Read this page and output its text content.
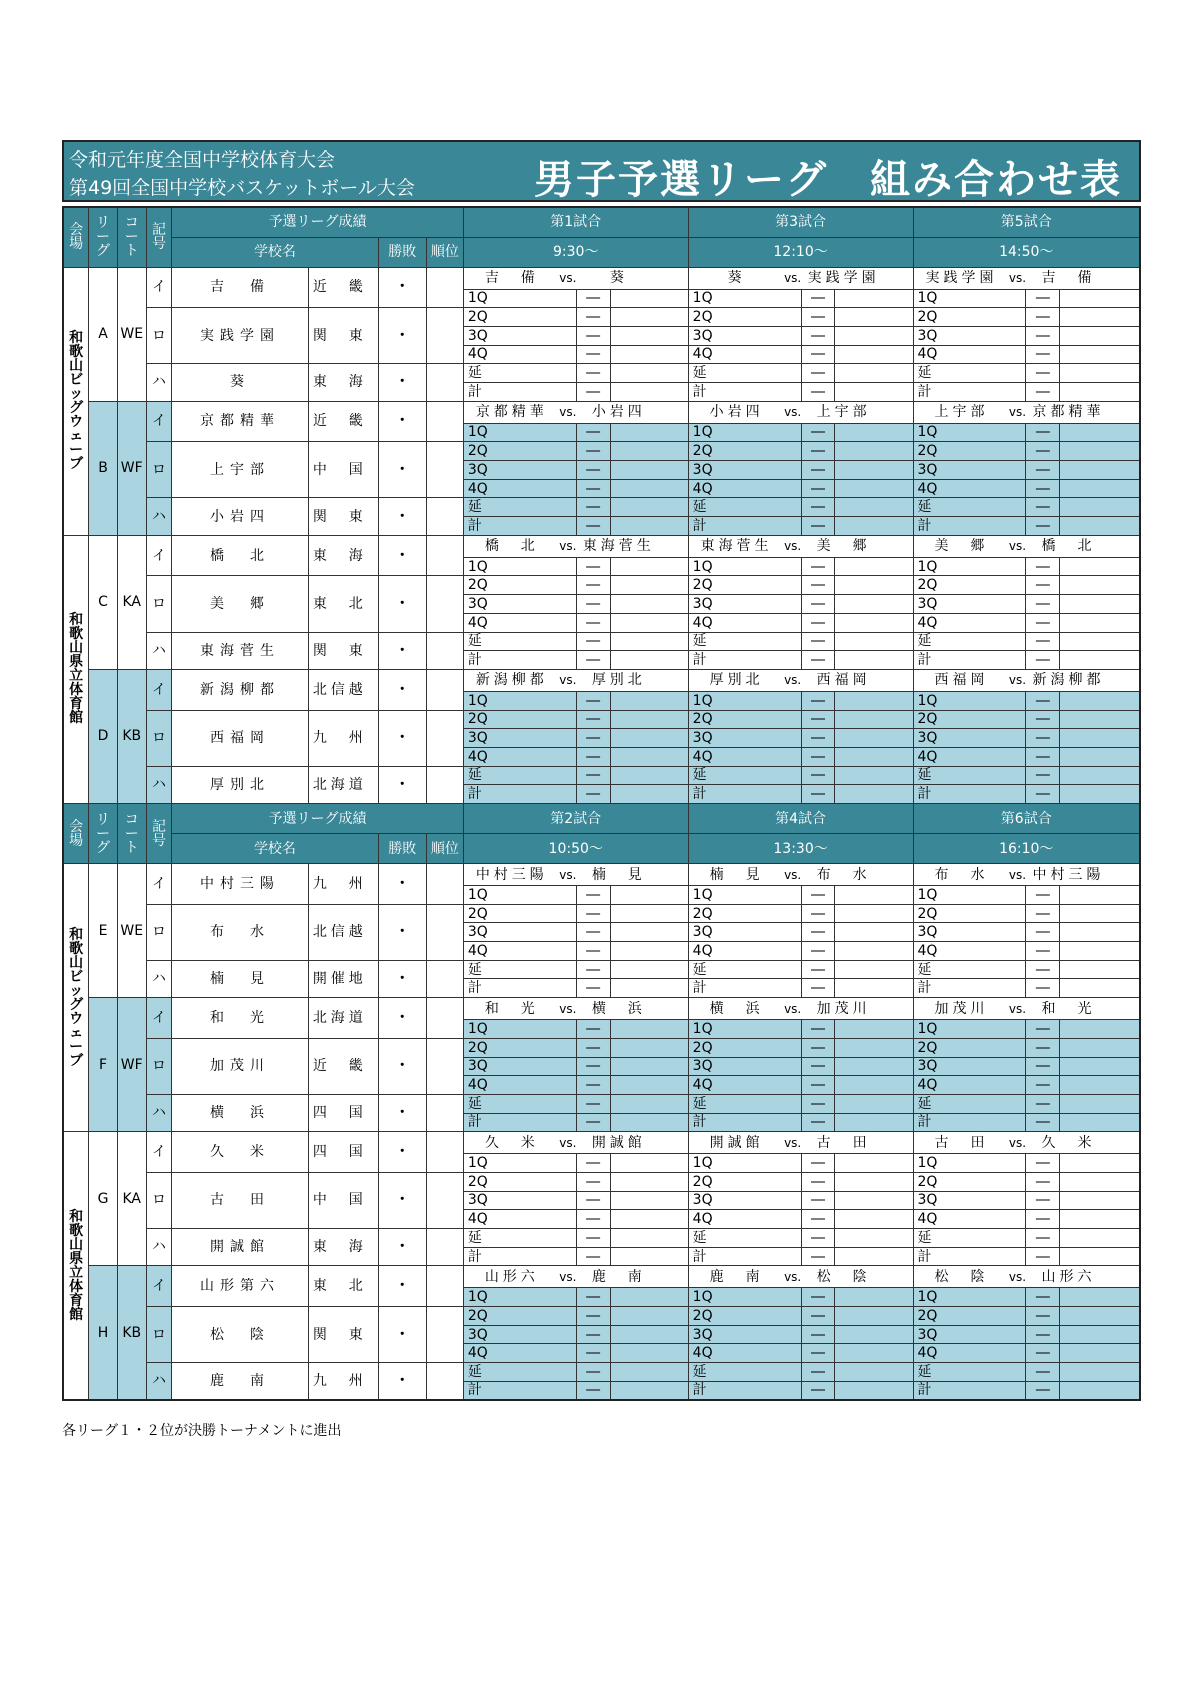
令和元年度全国中学校体育大会
第49回全国中学校バスケットボール大会	男子予選リーグ　組み合わせ表
会場	リーグ	コート	記号	予選リーグ成績				第1試合			第3試合			第5試合		
				学校名		勝敗	順位	9:30～			12:10～			14:50～		
和歌山ビッグウェーブ	A	WE	イ	吉　備	近　畿	・		吉　備 vs. 葵			葵 vs. 実践学園			実践学園 vs. 吉　備		
								1Q	―		1Q	―		1Q	―	
			ロ	実践学園	関　東	・		2Q	―		2Q	―		2Q	―	
								3Q	―		3Q	―		3Q	―	
								4Q	―		4Q	―		4Q	―	
			ハ	葵	東　海	・		延	―		延	―		延	―	
								計	―		計	―		計	―	
	B	WF	イ	京都精華	近　畿	・		京都精華 vs. 小岩四			小岩四 vs. 上宇部			上宇部 vs. 京都精華		
								1Q	―		1Q	―		1Q	―	
			ロ	上宇部	中　国	・		2Q	―		2Q	―		2Q	―	
								3Q	―		3Q	―		3Q	―	
								4Q	―		4Q	―		4Q	―	
			ハ	小岩四	関　東	・		延	―		延	―		延	―	
								計	―		計	―		計	―	
和歌山県立体育館	C	KA	イ	橋　北	東　海	・		橋　北 vs. 東海菅生			東海菅生 vs. 美　郷			美　郷 vs. 橋　北		
								1Q	―		1Q	―		1Q	―	
			ロ	美　郷	東　北	・		2Q	―		2Q	―		2Q	―	
								3Q	―		3Q	―		3Q	―	
								4Q	―		4Q	―		4Q	―	
			ハ	東海菅生	関　東	・		延	―		延	―		延	―	
								計	―		計	―		計	―	
	D	KB	イ	新潟柳都	北信越	・		新潟柳都 vs. 厚別北			厚別北 vs. 西福岡			西福岡 vs. 新潟柳都		
								1Q	―		1Q	―		1Q	―	
			ロ	西福岡	九　州	・		2Q	―		2Q	―		2Q	―	
								3Q	―		3Q	―		3Q	―	
								4Q	―		4Q	―		4Q	―	
			ハ	厚別北	北海道	・		延	―		延	―		延	―	
								計	―		計	―		計	―	
会場	リーグ	コート	記号	予選リーグ成績				第2試合			第4試合			第6試合		
				学校名		勝敗	順位	10:50～			13:30～			16:10～		
和歌山ビッグウェーブ	E	WE	イ	中村三陽	九　州	・		中村三陽 vs. 楠　見			楠　見 vs. 布　水			布　水 vs. 中村三陽		
								1Q	―		1Q	―		1Q	―	
			ロ	布　水	北信越	・		2Q	―		2Q	―		2Q	―	
								3Q	―		3Q	―		3Q	―	
								4Q	―		4Q	―		4Q	―	
			ハ	楠　見	開催地	・		延	―		延	―		延	―	
								計	―		計	―		計	―	
	F	WF	イ	和　光	北海道	・		和　光 vs. 横　浜			横　浜 vs. 加茂川			加茂川 vs. 和　光		
								1Q	―		1Q	―		1Q	―	
			ロ	加茂川	近　畿	・		2Q	―		2Q	―		2Q	―	
								3Q	―		3Q	―		3Q	―	
								4Q	―		4Q	―		4Q	―	
			ハ	横　浜	四　国	・		延	―		延	―		延	―	
								計	―		計	―		計	―	
和歌山県立体育館	G	KA	イ	久　米	四　国	・		久　米 vs. 開誠館			開誠館 vs. 古　田			古　田 vs. 久　米		
								1Q	―		1Q	―		1Q	―	
			ロ	古　田	中　国	・		2Q	―		2Q	―		2Q	―	
								3Q	―		3Q	―		3Q	―	
								4Q	―		4Q	―		4Q	―	
			ハ	開誠館	東　海	・		延	―		延	―		延	―	
								計	―		計	―		計	―	
	H	KB	イ	山形第六	東　北	・		山形六 vs. 鹿　南			鹿　南 vs. 松　陰			松　陰 vs. 山形六		
								1Q	―		1Q	―		1Q	―	
			ロ	松　陰	関　東	・		2Q	―		2Q	―		2Q	―	
								3Q	―		3Q	―		3Q	―	
								4Q	―		4Q	―		4Q	―	
			ハ	鹿　南	九　州	・		延	―		延	―		延	―	
								計	―		計	―		計	―	
各リーグ１・２位が決勝トーナメントに進出
